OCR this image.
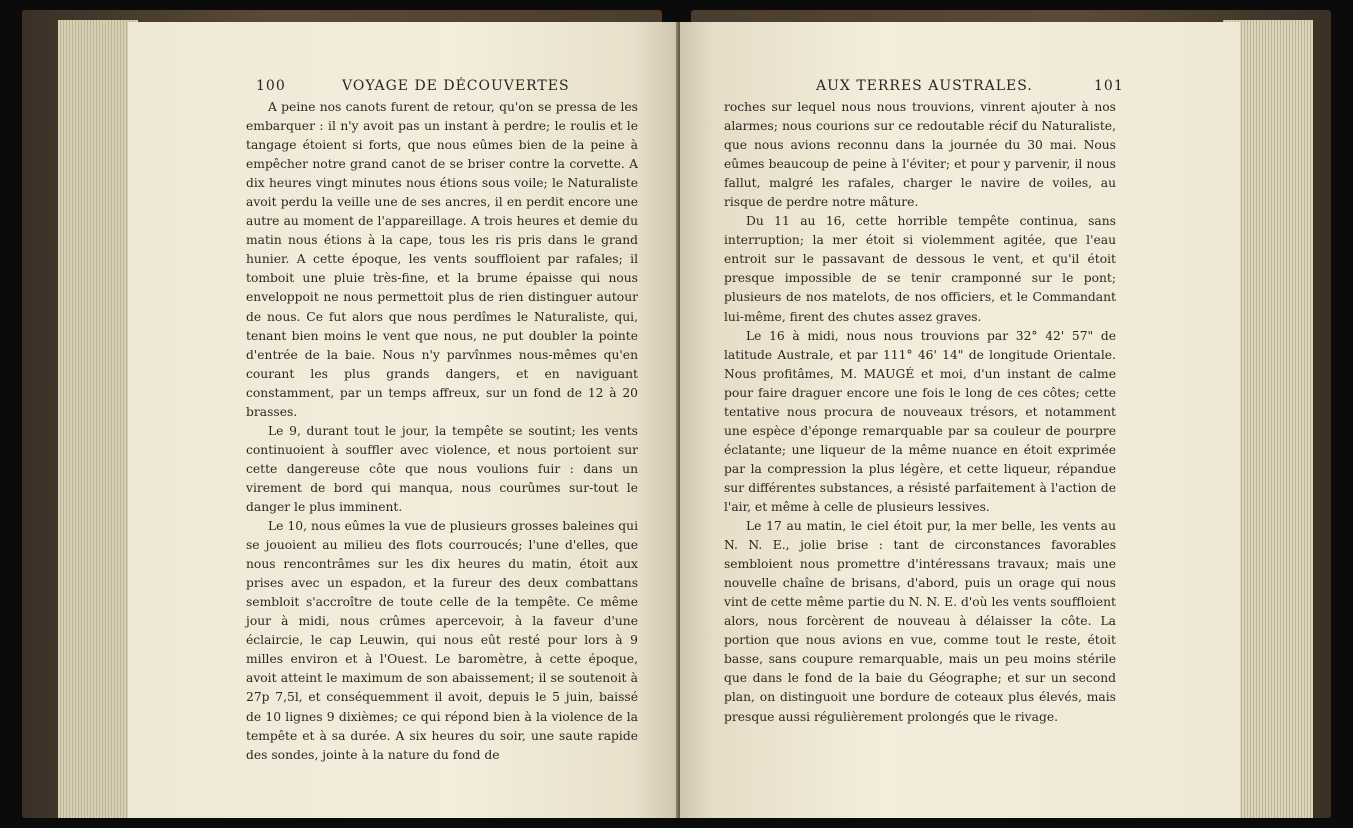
100	VOYAGE DE DÉCOUVERTES

A peine nos canots furent de retour, qu'on se pressa de les embarquer : il n'y avoit pas un instant à perdre; le roulis et le tangage étoient si forts, que nous eûmes bien de la peine à empêcher notre grand canot de se briser contre la corvette. A dix heures vingt minutes nous étions sous voile; le Naturaliste avoit perdu la veille une de ses ancres, il en perdit encore une autre au moment de l'appareillage. A trois heures et demie du matin nous étions à la cape, tous les ris pris dans le grand hunier. A cette époque, les vents souffloient par rafales; il tomboit une pluie très-fine, et la brume épaisse qui nous enveloppoit ne nous permettoit plus de rien distinguer autour de nous. Ce fut alors que nous perdîmes le Naturaliste, qui, tenant bien moins le vent que nous, ne put doubler la pointe d'entrée de la baie. Nous n'y parvînmes nous-mêmes qu'en courant les plus grands dangers, et en naviguant constamment, par un temps affreux, sur un fond de 12 à 20 brasses.

Le 9, durant tout le jour, la tempête se soutint; les vents continuoient à souffler avec violence, et nous portoient sur cette dangereuse côte que nous voulions fuir : dans un virement de bord qui manqua, nous courûmes sur-tout le danger le plus imminent.

Le 10, nous eûmes la vue de plusieurs grosses baleines qui se jouoient au milieu des flots courroucés; l'une d'elles, que nous rencontrâmes sur les dix heures du matin, étoit aux prises avec un espadon, et la fureur des deux combattans sembloit s'accroître de toute celle de la tempête. Ce même jour à midi, nous crûmes apercevoir, à la faveur d'une éclaircie, le cap Leuwin, qui nous eût resté pour lors à 9 milles environ et à l'Ouest. Le baromètre, à cette époque, avoit atteint le maximum de son abaissement; il se soutenoit à 27p 7,5l, et conséquemment il avoit, depuis le 5 juin, baissé de 10 lignes 9 dixièmes; ce qui répond bien à la violence de la tempête et à sa durée. A six heures du soir, une saute rapide des sondes, jointe à la nature du fond de

AUX TERRES AUSTRALES.	101

roches sur lequel nous nous trouvions, vinrent ajouter à nos alarmes; nous courions sur ce redoutable récif du Naturaliste, que nous avions reconnu dans la journée du 30 mai. Nous eûmes beaucoup de peine à l'éviter; et pour y parvenir, il nous fallut, malgré les rafales, charger le navire de voiles, au risque de perdre notre mâture.

Du 11 au 16, cette horrible tempête continua, sans interruption; la mer étoit si violemment agitée, que l'eau entroit sur le passavant de dessous le vent, et qu'il étoit presque impossible de se tenir cramponné sur le pont; plusieurs de nos matelots, de nos officiers, et le Commandant lui-même, firent des chutes assez graves.

Le 16 à midi, nous nous trouvions par 32° 42' 57" de latitude Australe, et par 111° 46' 14" de longitude Orientale. Nous profitâmes, M. MAUGÉ et moi, d'un instant de calme pour faire draguer encore une fois le long de ces côtes; cette tentative nous procura de nouveaux trésors, et notamment une espèce d'éponge remarquable par sa couleur de pourpre éclatante; une liqueur de la même nuance en étoit exprimée par la compression la plus légère, et cette liqueur, répandue sur différentes substances, a résisté parfaitement à l'action de l'air, et même à celle de plusieurs lessives.

Le 17 au matin, le ciel étoit pur, la mer belle, les vents au N. N. E., jolie brise : tant de circonstances favorables sembloient nous promettre d'intéressans travaux; mais une nouvelle chaîne de brisans, d'abord, puis un orage qui nous vint de cette même partie du N. N. E. d'où les vents souffloient alors, nous forcèrent de nouveau à délaisser la côte. La portion que nous avions en vue, comme tout le reste, étoit basse, sans coupure remarquable, mais un peu moins stérile que dans le fond de la baie du Géographe; et sur un second plan, on distinguoit une bordure de coteaux plus élevés, mais presque aussi régulièrement prolongés que le rivage.
